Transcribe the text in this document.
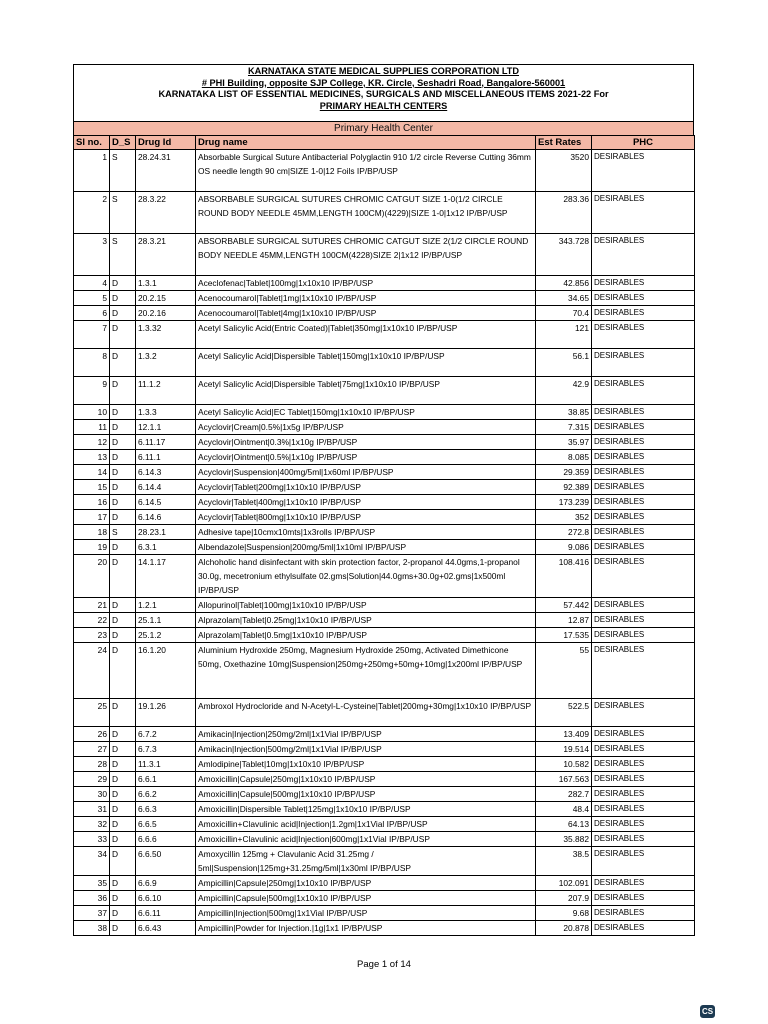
KARNATAKA STATE MEDICAL SUPPLIES CORPORATION LTD
# PHI Building, opposite SJP College, KR. Circle, Seshadri Road, Bangalore-560001
KARNATAKA LIST OF ESSENTIAL MEDICINES, SURGICALS AND MISCELLANEOUS ITEMS 2021-22 For
PRIMARY HEALTH CENTERS
Primary Health Center
Sl no.	D_S	Drug Id	Drug name	Est Rates	PHC
1	S	28.24.31	Absorbable Surgical Suture Antibacterial Polyglactin 910 1/2 circle Reverse Cutting 36mm OS needle length 90 cm|SIZE 1-0|12 Foils IP/BP/USP	3520	DESIRABLES
2	S	28.3.22	ABSORBABLE SURGICAL SUTURES CHROMIC CATGUT SIZE 1-0(1/2 CIRCLE ROUND BODY NEEDLE 45MM,LENGTH 100CM)(4229)|SIZE 1-0|1x12 IP/BP/USP	283.36	DESIRABLES
3	S	28.3.21	ABSORBABLE SURGICAL SUTURES CHROMIC CATGUT SIZE 2(1/2 CIRCLE ROUND BODY NEEDLE 45MM,LENGTH 100CM(4228)SIZE 2|1x12 IP/BP/USP	343.728	DESIRABLES
4	D	1.3.1	Aceclofenac|Tablet|100mg|1x10x10 IP/BP/USP	42.856	DESIRABLES
5	D	20.2.15	Acenocoumarol|Tablet|1mg|1x10x10 IP/BP/USP	34.65	DESIRABLES
6	D	20.2.16	Acenocoumarol|Tablet|4mg|1x10x10 IP/BP/USP	70.4	DESIRABLES
7	D	1.3.32	Acetyl Salicylic Acid(Entric Coated)|Tablet|350mg|1x10x10 IP/BP/USP	121	DESIRABLES
8	D	1.3.2	Acetyl Salicylic Acid|Dispersible Tablet|150mg|1x10x10 IP/BP/USP	56.1	DESIRABLES
9	D	11.1.2	Acetyl Salicylic Acid|Dispersible Tablet|75mg|1x10x10 IP/BP/USP	42.9	DESIRABLES
10	D	1.3.3	Acetyl Salicylic Acid|EC Tablet|150mg|1x10x10 IP/BP/USP	38.85	DESIRABLES
11	D	12.1.1	Acyclovir|Cream|0.5%|1x5g IP/BP/USP	7.315	DESIRABLES
12	D	6.11.17	Acyclovir|Ointment|0.3%|1x10g IP/BP/USP	35.97	DESIRABLES
13	D	6.11.1	Acyclovir|Ointment|0.5%|1x10g IP/BP/USP	8.085	DESIRABLES
14	D	6.14.3	Acyclovir|Suspension|400mg/5ml|1x60ml IP/BP/USP	29.359	DESIRABLES
15	D	6.14.4	Acyclovir|Tablet|200mg|1x10x10 IP/BP/USP	92.389	DESIRABLES
16	D	6.14.5	Acyclovir|Tablet|400mg|1x10x10 IP/BP/USP	173.239	DESIRABLES
17	D	6.14.6	Acyclovir|Tablet|800mg|1x10x10 IP/BP/USP	352	DESIRABLES
18	S	28.23.1	Adhesive tape|10cmx10mts|1x3rolls IP/BP/USP	272.8	DESIRABLES
19	D	6.3.1	Albendazole|Suspension|200mg/5ml|1x10ml IP/BP/USP	9.086	DESIRABLES
20	D	14.1.17	Alchoholic hand disinfectant with skin protection factor, 2-propanol 44.0gms,1-propanol 30.0g, mecetronium ethylsulfate 02.gms|Solution|44.0gms+30.0g+02.gms|1x500ml IP/BP/USP	108.416	DESIRABLES
21	D	1.2.1	Allopurinol|Tablet|100mg|1x10x10 IP/BP/USP	57.442	DESIRABLES
22	D	25.1.1	Alprazolam|Tablet|0.25mg|1x10x10 IP/BP/USP	12.87	DESIRABLES
23	D	25.1.2	Alprazolam|Tablet|0.5mg|1x10x10 IP/BP/USP	17.535	DESIRABLES
24	D	16.1.20	Aluminium Hydroxide 250mg, Magnesium Hydroxide 250mg, Activated Dimethicone 50mg, Oxethazine 10mg|Suspension|250mg+250mg+50mg+10mg|1x200ml IP/BP/USP	55	DESIRABLES
25	D	19.1.26	Ambroxol Hydrocloride and N-Acetyl-L-Cysteine|Tablet|200mg+30mg|1x10x10 IP/BP/USP	522.5	DESIRABLES
26	D	6.7.2	Amikacin|Injection|250mg/2ml|1x1Vial IP/BP/USP	13.409	DESIRABLES
27	D	6.7.3	Amikacin|Injection|500mg/2ml|1x1Vial IP/BP/USP	19.514	DESIRABLES
28	D	11.3.1	Amlodipine|Tablet|10mg|1x10x10 IP/BP/USP	10.582	DESIRABLES
29	D	6.6.1	Amoxicillin|Capsule|250mg|1x10x10 IP/BP/USP	167.563	DESIRABLES
30	D	6.6.2	Amoxicillin|Capsule|500mg|1x10x10 IP/BP/USP	282.7	DESIRABLES
31	D	6.6.3	Amoxicillin|Dispersible Tablet|125mg|1x10x10 IP/BP/USP	48.4	DESIRABLES
32	D	6.6.5	Amoxicillin+Clavulinic acid|Injection|1.2gm|1x1Vial IP/BP/USP	64.13	DESIRABLES
33	D	6.6.6	Amoxicillin+Clavulinic acid|Injection|600mg|1x1Vial IP/BP/USP	35.882	DESIRABLES
34	D	6.6.50	Amoxycillin 125mg + Clavulanic Acid 31.25mg / 5ml|Suspension|125mg+31.25mg/5ml|1x30ml IP/BP/USP	38.5	DESIRABLES
35	D	6.6.9	Ampicillin|Capsule|250mg|1x10x10 IP/BP/USP	102.091	DESIRABLES
36	D	6.6.10	Ampicillin|Capsule|500mg|1x10x10 IP/BP/USP	207.9	DESIRABLES
37	D	6.6.11	Ampicillin|Injection|500mg|1x1Vial IP/BP/USP	9.68	DESIRABLES
38	D	6.6.43	Ampicillin|Powder for Injection.|1g|1x1 IP/BP/USP	20.878	DESIRABLES
Page 1 of 14
CS
